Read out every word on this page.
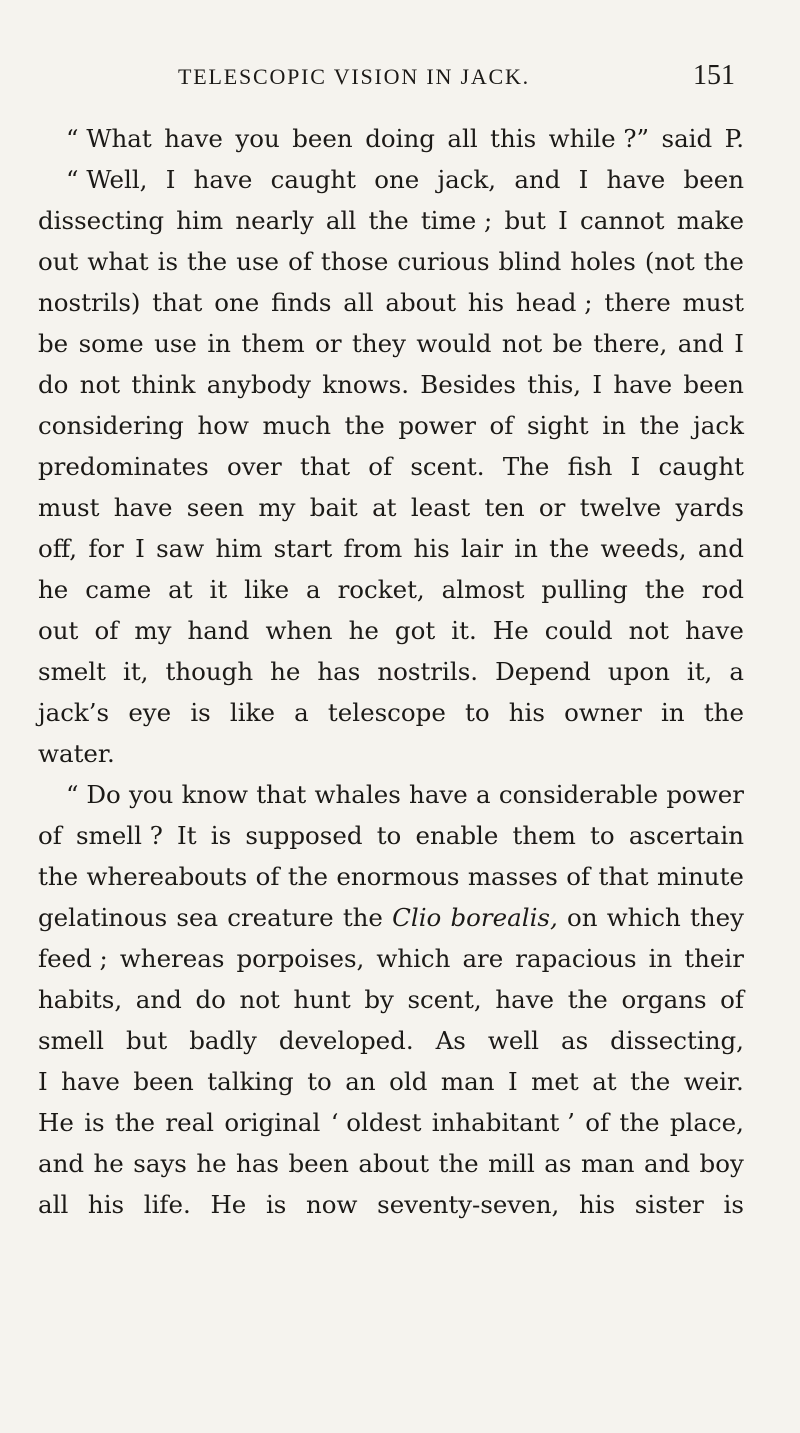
TELESCOPIC VISION IN JACK.	151
“ What have you been doing all this while ?” said P.
“ Well, I have caught one jack, and I have been
dissecting him nearly all the time ; but I cannot make
out what is the use of those curious blind holes (not the
nostrils) that one finds all about his head ; there must
be some use in them or they would not be there, and I
do not think anybody knows. Besides this, I have been
considering how much the power of sight in the jack
predominates over that of scent. The fish I caught
must have seen my bait at least ten or twelve yards
off, for I saw him start from his lair in the weeds, and
he came at it like a rocket, almost pulling the rod
out of my hand when he got it. He could not have
smelt it, though he has nostrils. Depend upon it, a
jack’s eye is like a telescope to his owner in the
water.
“ Do you know that whales have a considerable power
of smell ? It is supposed to enable them to ascertain
the whereabouts of the enormous masses of that minute
gelatinous sea creature the Clio borealis, on which they
feed ; whereas porpoises, which are rapacious in their
habits, and do not hunt by scent, have the organs of
smell but badly developed. As well as dissecting,
I have been talking to an old man I met at the weir.
He is the real original ‘ oldest inhabitant ’ of the place,
and he says he has been about the mill as man and boy
all his life. He is now seventy-seven, his sister is
